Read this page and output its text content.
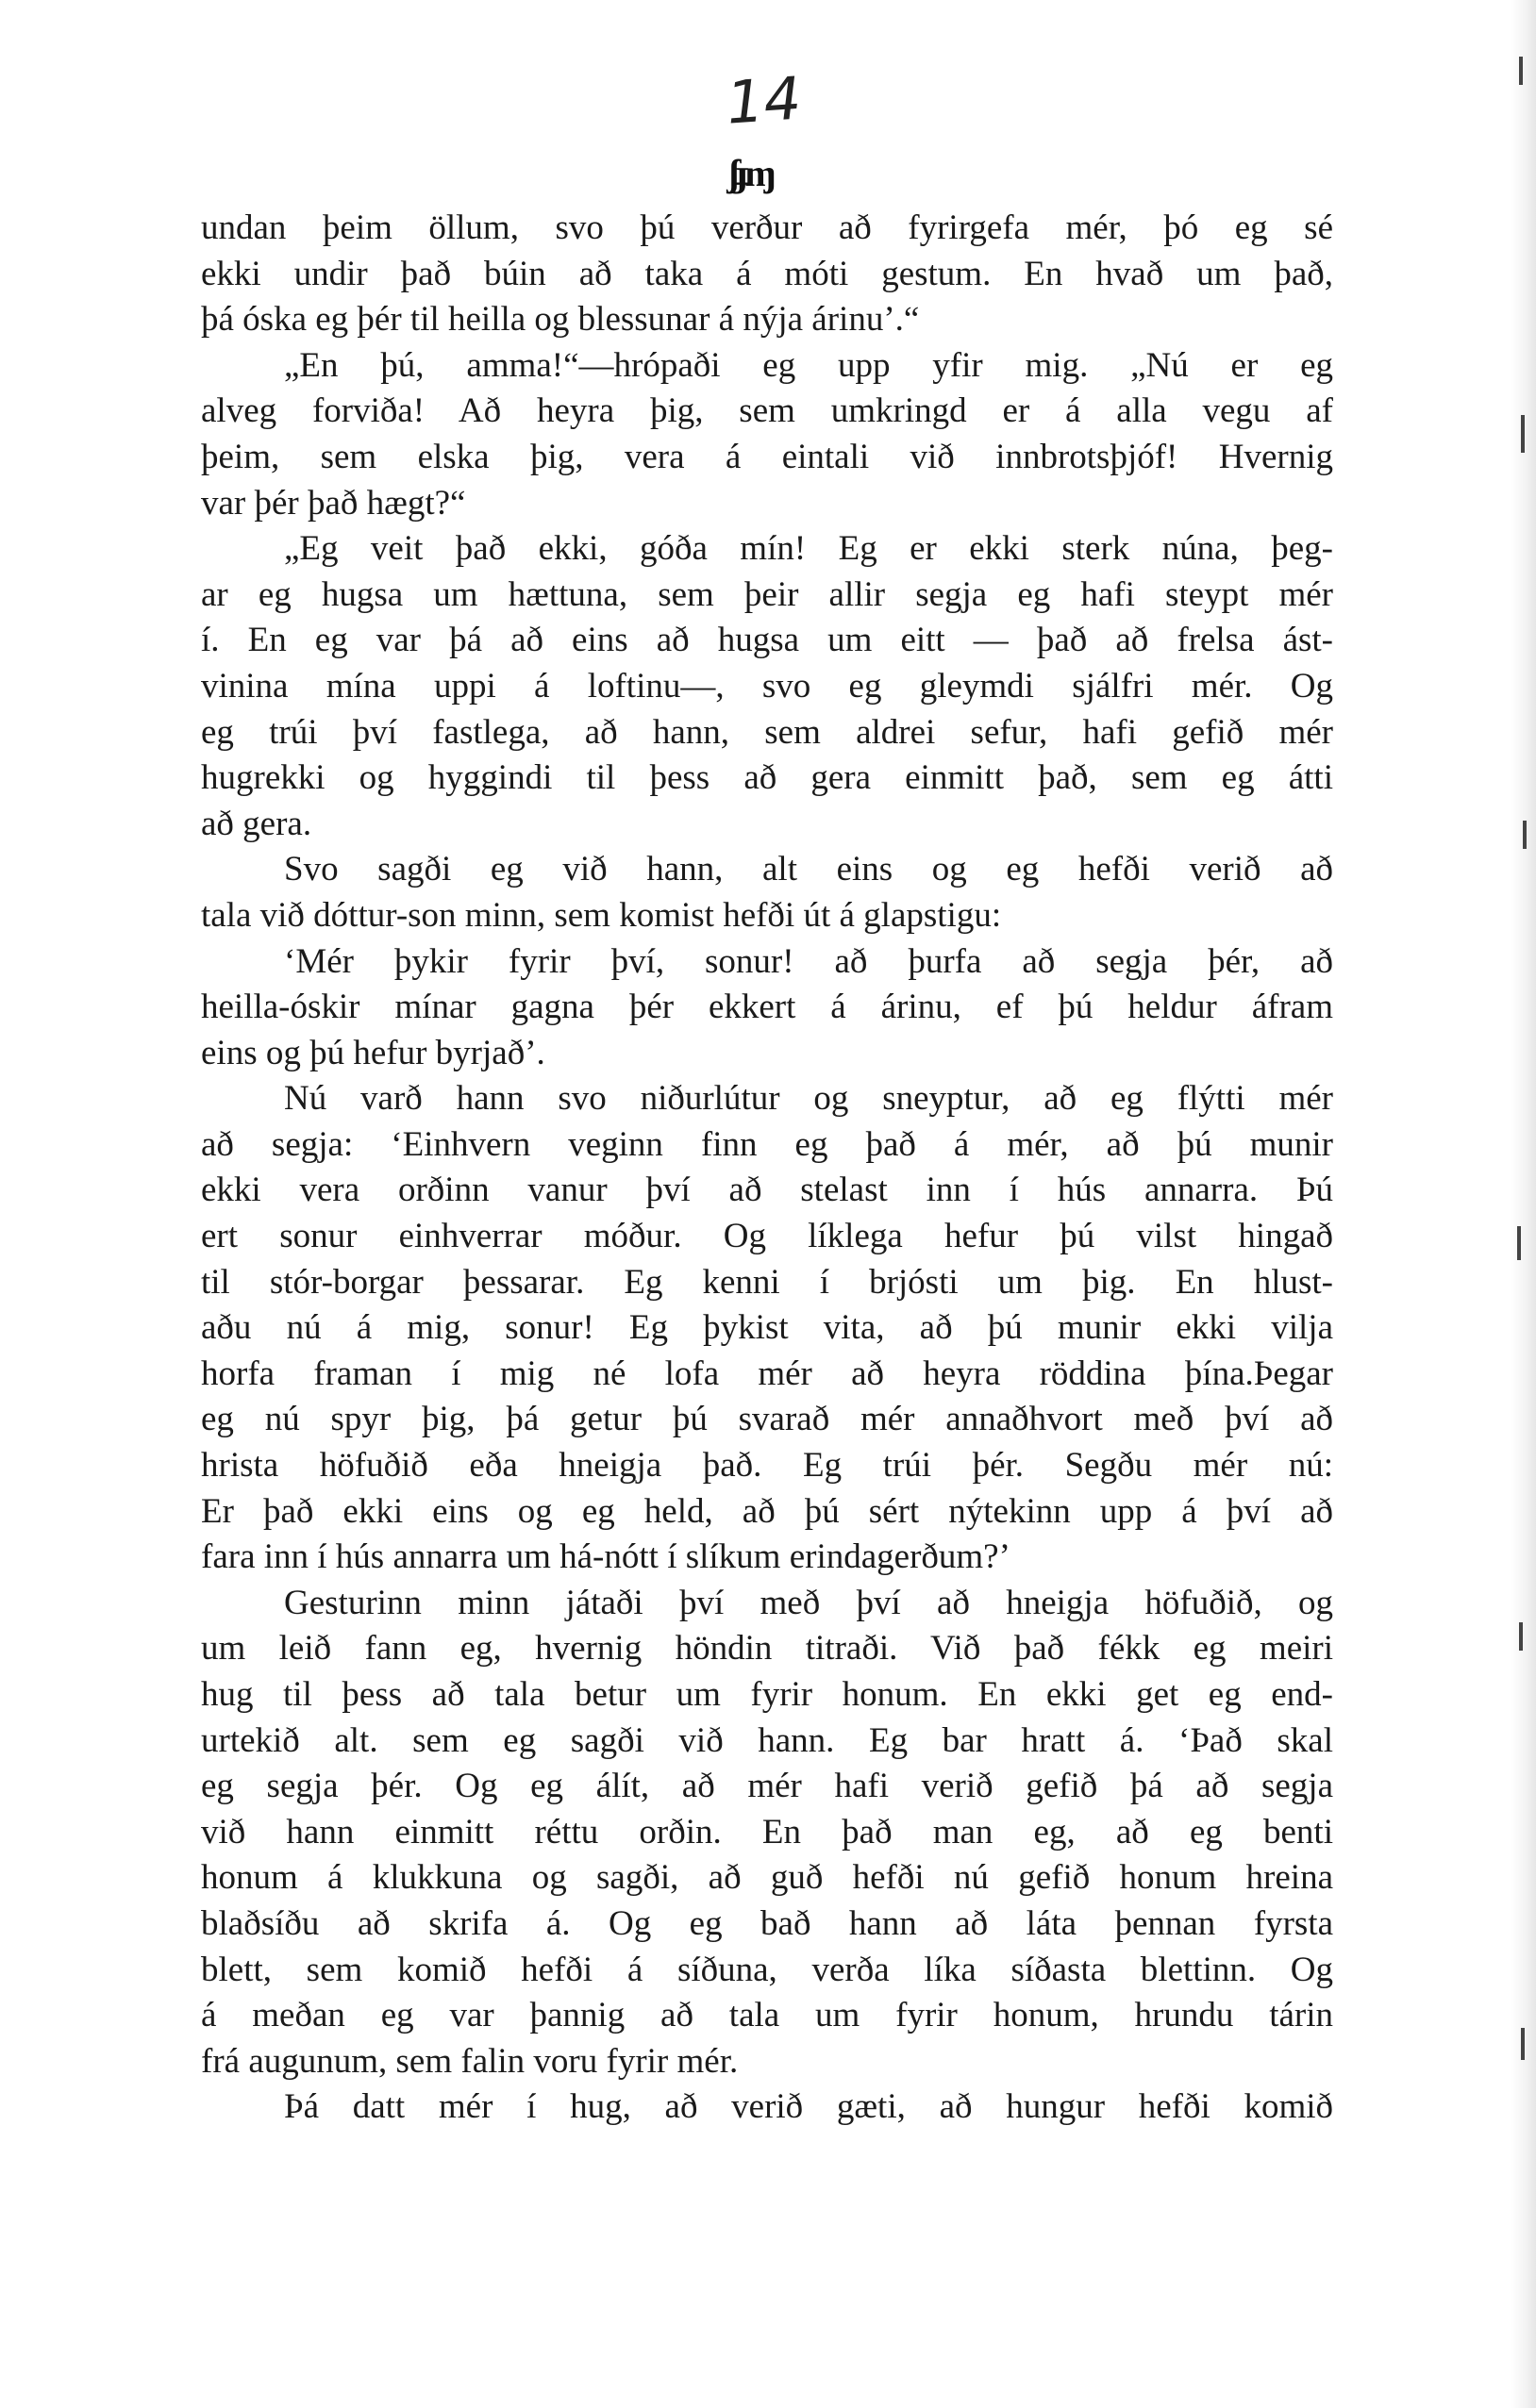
14
ʃɟɱ
undan þeim öllum, svo þú verður að fyrirgefa mér, þó eg sé
ekki undir það búin að taka á móti gestum. En hvað um það,
þá óska eg þér til heilla og blessunar á nýja árinu’.“
„En þú, amma!“—hrópaði eg upp yfir mig. „Nú er eg
alveg forviða! Að heyra þig, sem umkringd er á alla vegu af
þeim, sem elska þig, vera á eintali við innbrotsþjóf! Hvernig
var þér það hægt?“
„Eg veit það ekki, góða mín! Eg er ekki sterk núna, þeg-
ar eg hugsa um hættuna, sem þeir allir segja eg hafi steypt mér
í. En eg var þá að eins að hugsa um eitt — það að frelsa ást-
vinina mína uppi á loftinu—, svo eg gleymdi sjálfri mér. Og
eg trúi því fastlega, að hann, sem aldrei sefur, hafi gefið mér
hugrekki og hyggindi til þess að gera einmitt það, sem eg átti
að gera.
Svo sagði eg við hann, alt eins og eg hefði verið að
tala við dóttur-son minn, sem komist hefði út á glapstigu:
‘Mér þykir fyrir því, sonur! að þurfa að segja þér, að
heilla-óskir mínar gagna þér ekkert á árinu, ef þú heldur áfram
eins og þú hefur byrjað’.
Nú varð hann svo niðurlútur og sneyptur, að eg flýtti mér
að segja: ‘Einhvern veginn finn eg það á mér, að þú munir
ekki vera orðinn vanur því að stelast inn í hús annarra. Þú
ert sonur einhverrar móður. Og líklega hefur þú vilst hingað
til stór-borgar þessarar. Eg kenni í brjósti um þig. En hlust-
aðu nú á mig, sonur! Eg þykist vita, að þú munir ekki vilja
horfa framan í mig né lofa mér að heyra röddina þína.Þegar
eg nú spyr þig, þá getur þú svarað mér annaðhvort með því að
hrista höfuðið eða hneigja það. Eg trúi þér. Segðu mér nú:
Er það ekki eins og eg held, að þú sért nýtekinn upp á því að
fara inn í hús annarra um há-nótt í slíkum erindagerðum?’
Gesturinn minn játaði því með því að hneigja höfuðið, og
um leið fann eg, hvernig höndin titraði. Við það fékk eg meiri
hug til þess að tala betur um fyrir honum. En ekki get eg end-
urtekið alt. sem eg sagði við hann. Eg bar hratt á. ‘Það skal
eg segja þér. Og eg álít, að mér hafi verið gefið þá að segja
við hann einmitt réttu orðin. En það man eg, að eg benti
honum á klukkuna og sagði, að guð hefði nú gefið honum hreina
blaðsíðu að skrifa á. Og eg bað hann að láta þennan fyrsta
blett, sem komið hefði á síðuna, verða líka síðasta blettinn. Og
á meðan eg var þannig að tala um fyrir honum, hrundu tárin
frá augunum, sem falin voru fyrir mér.
Þá datt mér í hug, að verið gæti, að hungur hefði komið
